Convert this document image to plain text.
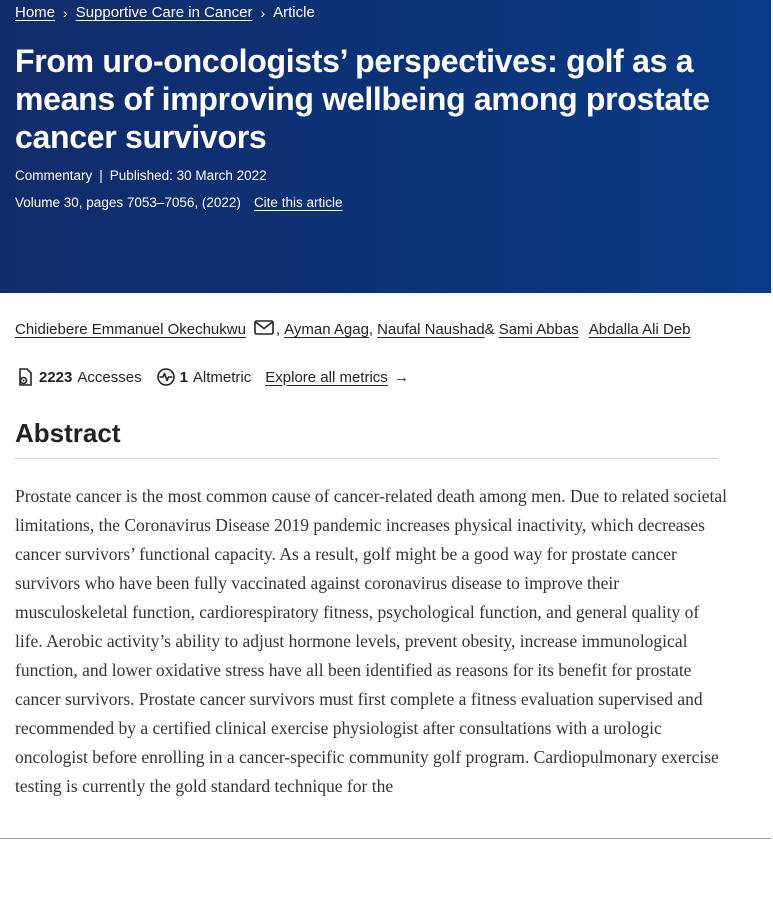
Home › Supportive Care in Cancer › Article
From uro-oncologists’ perspectives: golf as a means of improving wellbeing among prostate cancer survivors
Commentary | Published: 30 March 2022
Volume 30, pages 7053–7056, (2022) Cite this article
Chidiebere Emmanuel Okechukwu , Ayman Agag , Naufal Naushad & Sami Abbas Abdalla Ali Deb
2223 Accesses	1 Altmetric Explore all metrics →
Abstract

Prostate cancer is the most common cause of cancer-related death among men. Due to related societal limitations, the Coronavirus Disease 2019 pandemic increases physical inactivity, which decreases cancer survivors’ functional capacity. As a result, golf might be a good way for prostate cancer survivors who have been fully vaccinated against coronavirus disease to improve their musculoskeletal function, cardiorespiratory fitness, psychological function, and general quality of life. Aerobic activity’s ability to adjust hormone levels, prevent obesity, increase immunological function, and lower oxidative stress have all been identified as reasons for its benefit for prostate cancer survivors. Prostate cancer survivors must first complete a fitness evaluation supervised and recommended by a certified clinical exercise physiologist after consultations with a urologic oncologist before enrolling in a cancer-specific community golf program. Cardiopulmonary exercise testing is currently the gold standard technique for the
